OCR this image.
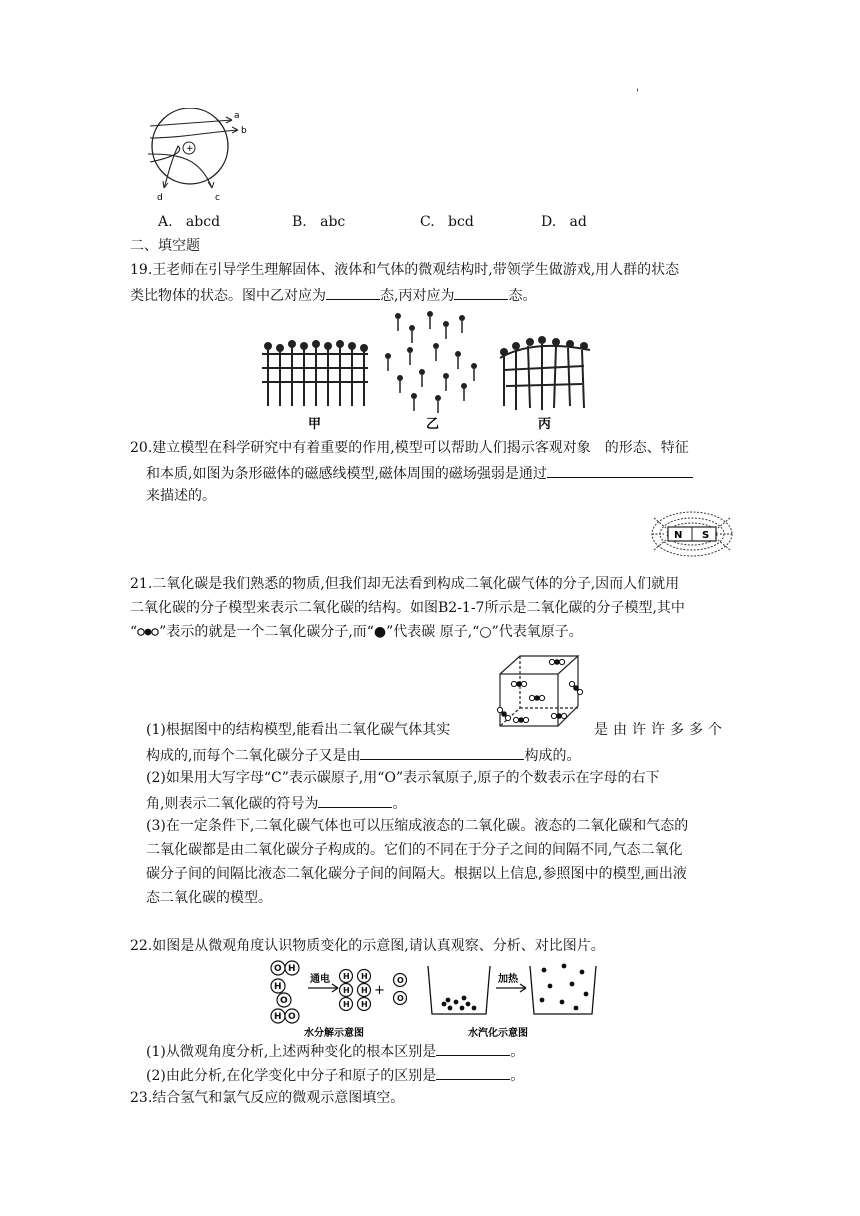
'
+
a
b
c
d
A. abcd	B. abc	C. bcd	D. ad
二、填空题
19.王老师在引导学生理解固体、液体和气体的微观结构时,带领学生做游戏,用人群的状态
类比物体的状态。图中乙对应为	态,丙对应为	态。
甲	乙	丙
20.建立模型在科学研究中有着重要的作用,模型可以帮助人们揭示客观对象　的形态、特征
和本质,如图为条形磁体的磁感线模型,磁体周围的磁场强弱是通过
来描述的。
N S
21.二氧化碳是我们熟悉的物质,但我们却无法看到构成二氧化碳气体的分子,因而人们就用
二氧化碳的分子模型来表示二氧化碳的结构。如图B2-1-7所示是二氧化碳的分子模型,其中
“ ”表示的就是一个二氧化碳分子,而“●”代表碳 原子,“○”代表氧原子。
(1)根据图中的结构模型,能看出二氧化碳气体其实	是由许许多多个
构成的,而每个二氧化碳分子又是由	构成的。
(2)如果用大写字母“C”表示碳原子,用“O”表示氧原子,原子的个数表示在字母的右下
角,则表示二氧化碳的符号为	。
(3)在一定条件下,二氧化碳气体也可以压缩成液态的二氧化碳。液态的二氧化碳和气态的
二氧化碳都是由二氧化碳分子构成的。它们的不同在于分子之间的间隔不同,气态二氧化
碳分子间的间隔比液态二氧化碳分子间的间隔大。根据以上信息,参照图中的模型,画出液
态二氧化碳的模型。
22.如图是从微观角度认识物质变化的示意图,请认真观察、分析、对比图片。
O H
H
O
H O
通电 H H
H H
H H
+
O
O
水分解示意图
加热
水汽化示意图
(1)从微观角度分析,上述两种变化的根本区别是	。
(2)由此分析,在化学变化中分子和原子的区别是	。
23.结合氢气和氯气反应的微观示意图填空。
